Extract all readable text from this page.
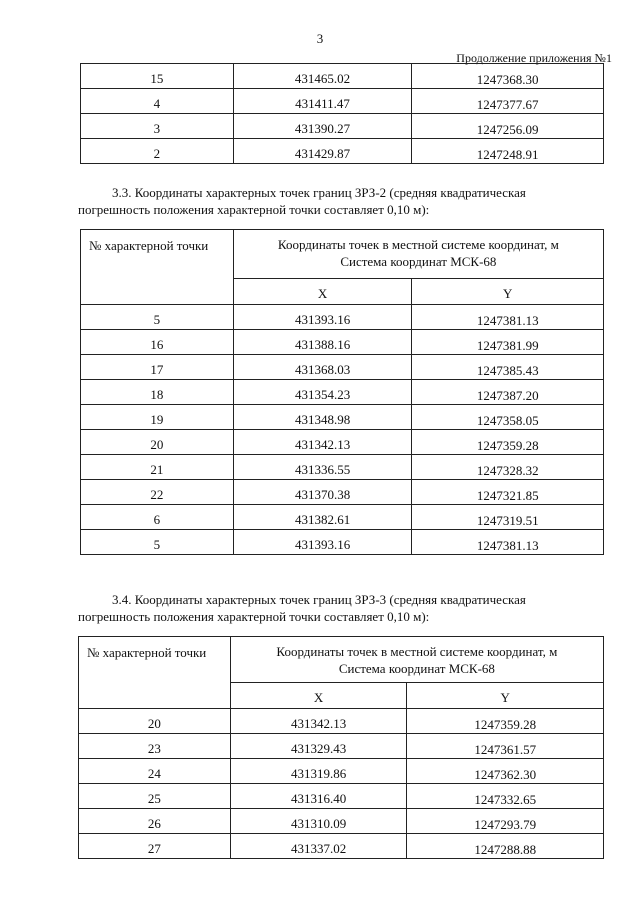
3
Продолжение приложения №1
15	431465.02	1247368.30
4	431411.47	1247377.67
3	431390.27	1247256.09
2	431429.87	1247248.91
3.3. Координаты характерных точек границ ЗРЗ-2 (средняя квадратическая
погрешность положения характерной точки составляет 0,10 м):
№ характерной точки	Координаты точек в местной системе координат, м
Система координат МСК-68	

	X	Y
5	431393.16	1247381.13
16	431388.16	1247381.99
17	431368.03	1247385.43
18	431354.23	1247387.20
19	431348.98	1247358.05
20	431342.13	1247359.28
21	431336.55	1247328.32
22	431370.38	1247321.85
6	431382.61	1247319.51
5	431393.16	1247381.13
3.4. Координаты характерных точек границ ЗРЗ-3 (средняя квадратическая
погрешность положения характерной точки составляет 0,10 м):
№ характерной точки	Координаты точек в местной системе координат, м
Система координат МСК-68	

	X	Y
20	431342.13	1247359.28
23	431329.43	1247361.57
24	431319.86	1247362.30
25	431316.40	1247332.65
26	431310.09	1247293.79
27	431337.02	1247288.88
